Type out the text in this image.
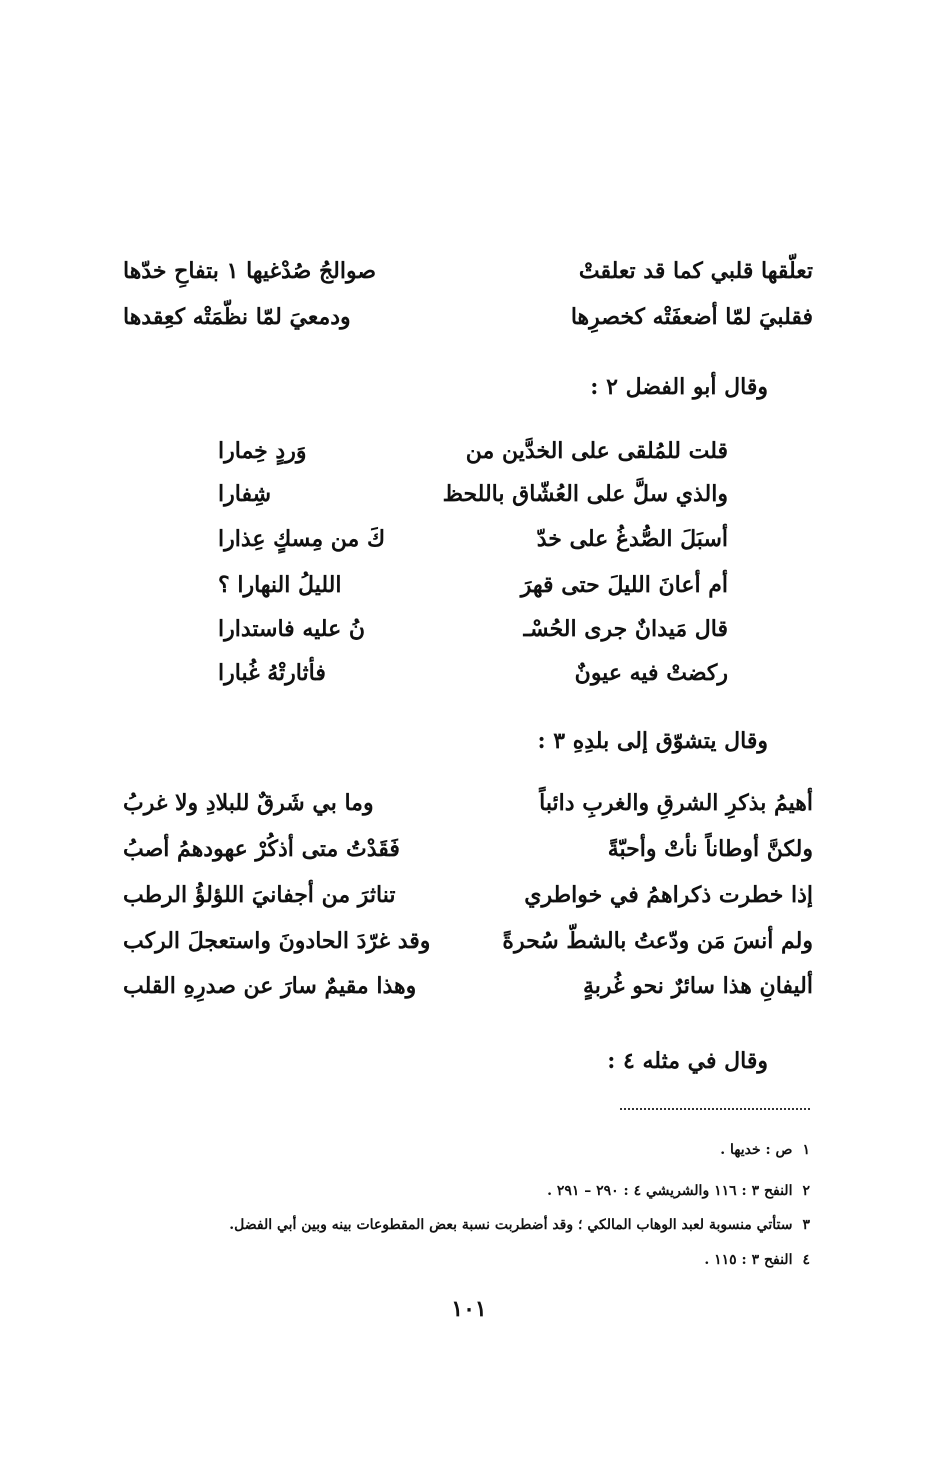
تعلّقها قلبي كما قد تعلقتْ
صوالجُ صُدْغيها ١ بتفاحِ خدّها
فقلبيَ لمّا أضعفَتْه كخصرِها
ودمعيَ لمّا نظّمَتْه كعِقدها
وقال أبو الفضل ٢ :
قلت للمُلقى على الخدَّين من
وَردٍ خِمارا
والذي سلَّ على العُشّاق باللحظ
شِفارا
أسبَلَ الصُّدغُ على خدّ
كَ من مِسكٍ عِذارا
أم أعانَ الليلَ حتى قهرَ
الليلُ النهارا ؟
قال مَيدانٌ جرى الحُسْـ
نُ عليه فاستدارا
ركضتْ فيه عيونٌ
فأثارتْهُ غُبارا
وقال يتشوّق إلى بلدِهِ ٣ :
أهيمُ بذكرِ الشرقِ والغربِ دائباً
وما بي شَرقٌ للبلادِ ولا غربُ
ولكنَّ أوطاناً نأتْ وأحبّةً
فَقَدْتُ متى أذكُرْ عهودهمُ أصبُ
إذا خطرت ذكراهمُ في خواطري
تناثرَ من أجفانيَ اللؤلؤُ الرطب
ولم أنسَ مَن ودّعتُ بالشطّ سُحرةً
وقد غرّدَ الحادونَ واستعجلَ الركب
أليفانِ هذا سائرٌ نحو غُربةٍ
وهذا مقيمٌ سارَ عن صدرِهِ القلب
وقال في مثله ٤ :
١ص : خديها .
٢النفح ٣ : ١١٦ والشريشي ٤ : ٢٩٠ – ٢٩١ .
٣ستأتي منسوبة لعبد الوهاب المالكي ؛ وقد أضطربت نسبة بعض المقطوعات بينه وبين أبي الفضل.
٤النفح ٣ : ١١٥ .
١٠١
